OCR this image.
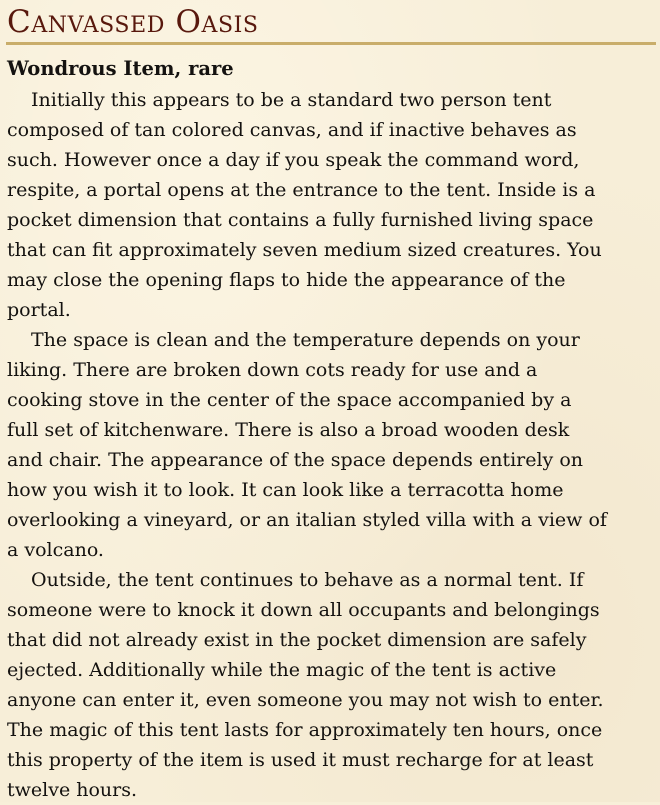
Canvassed Oasis
Wondrous Item, rare
Initially this appears to be a standard two person tent
composed of tan colored canvas, and if inactive behaves as
such. However once a day if you speak the command word,
respite, a portal opens at the entrance to the tent. Inside is a
pocket dimension that contains a fully furnished living space
that can fit approximately seven medium sized creatures. You
may close the opening flaps to hide the appearance of the
portal.
The space is clean and the temperature depends on your
liking. There are broken down cots ready for use and a
cooking stove in the center of the space accompanied by a
full set of kitchenware. There is also a broad wooden desk
and chair. The appearance of the space depends entirely on
how you wish it to look. It can look like a terracotta home
overlooking a vineyard, or an italian styled villa with a view of
a volcano.
Outside, the tent continues to behave as a normal tent. If
someone were to knock it down all occupants and belongings
that did not already exist in the pocket dimension are safely
ejected. Additionally while the magic of the tent is active
anyone can enter it, even someone you may not wish to enter.
The magic of this tent lasts for approximately ten hours, once
this property of the item is used it must recharge for at least
twelve hours.
